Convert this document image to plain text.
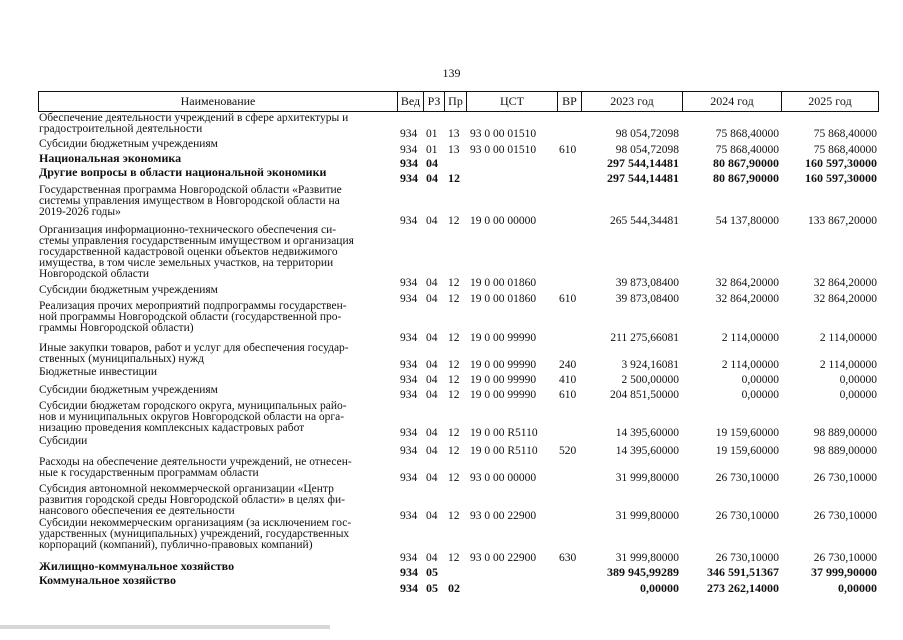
139
Наименование	Вед РЗ Пр	ЦСТ	ВР	2023 год	2024 год	2025 год
Обеспечение деятельности учреждений в сфере архитектуры и
градостроительной деятельности	934 01 13 93 0 00 01510	98 054,72098	75 868,40000	75 868,40000
Субсидии бюджетным учреждениям	934 01 13 93 0 00 01510	610	98 054,72098	75 868,40000	75 868,40000
Национальная экономика	934 04	297 544,14481	80 867,90000	160 597,30000
Другие вопросы в области национальной экономики	934 04 12	297 544,14481	80 867,90000	160 597,30000
Государственная программа Новгородской области «Развитие
системы управления имуществом в Новгородской области на
2019-2026 годы»
934 04 12 19 0 00 00000	265 544,34481	54 137,80000	133 867,20000
Организация информационно-технического обеспечения си-
стемы управления государственным имуществом и организация
государственной кадастровой оценки объектов недвижимого
имущества, в том числе земельных участков, на территории
Новгородской области
934 04 12 19 0 00 01860	39 873,08400	32 864,20000	32 864,20000
Субсидии бюджетным учреждениям
934 04 12 19 0 00 01860	610	39 873,08400	32 864,20000	32 864,20000
Реализация прочих мероприятий подпрограммы государствен-
ной программы Новгородской области (государственной про-
граммы Новгородской области)
934 04 12 19 0 00 99990	211 275,66081	2 114,00000	2 114,00000
Иные закупки товаров, работ и услуг для обеспечения государ-
ственных (муниципальных) нужд	934 04 12 19 0 00 99990	240	3 924,16081	2 114,00000	2 114,00000
Бюджетные инвестиции
934 04 12 19 0 00 99990	410	2 500,00000	0,00000	0,00000
Субсидии бюджетным учреждениям	934 04 12 19 0 00 99990	610	204 851,50000	0,00000	0,00000
Субсидии бюджетам городского округа, муниципальных райо-
нов и муниципальных округов Новгородской области на орга-
низацию проведения комплексных кадастровых работ	934 04 12 19 0 00 R5110	14 395,60000	19 159,60000	98 889,00000
Субсидии
934 04 12 19 0 00 R5110	520	14 395,60000	19 159,60000	98 889,00000
Расходы на обеспечение деятельности учреждений, не отнесен-
ные к государственным программам области	934 04 12 93 0 00 00000	31 999,80000	26 730,10000	26 730,10000
Субсидия автономной некоммерческой организации «Центр
развития городской среды Новгородской области» в целях фи-
нансового обеспечения ее деятельности	934 04 12 93 0 00 22900	31 999,80000	26 730,10000	26 730,10000
Субсидии некоммерческим организациям (за исключением гос-
ударственных (муниципальных) учреждений, государственных
корпораций (компаний), публично-правовых компаний)
934 04 12 93 0 00 22900	630	31 999,80000	26 730,10000	26 730,10000
Жилищно-коммунальное хозяйство	934 05	389 945,99289	346 591,51367	37 999,90000
Коммунальное хозяйство
934 05 02	0,00000	273 262,14000	0,00000
